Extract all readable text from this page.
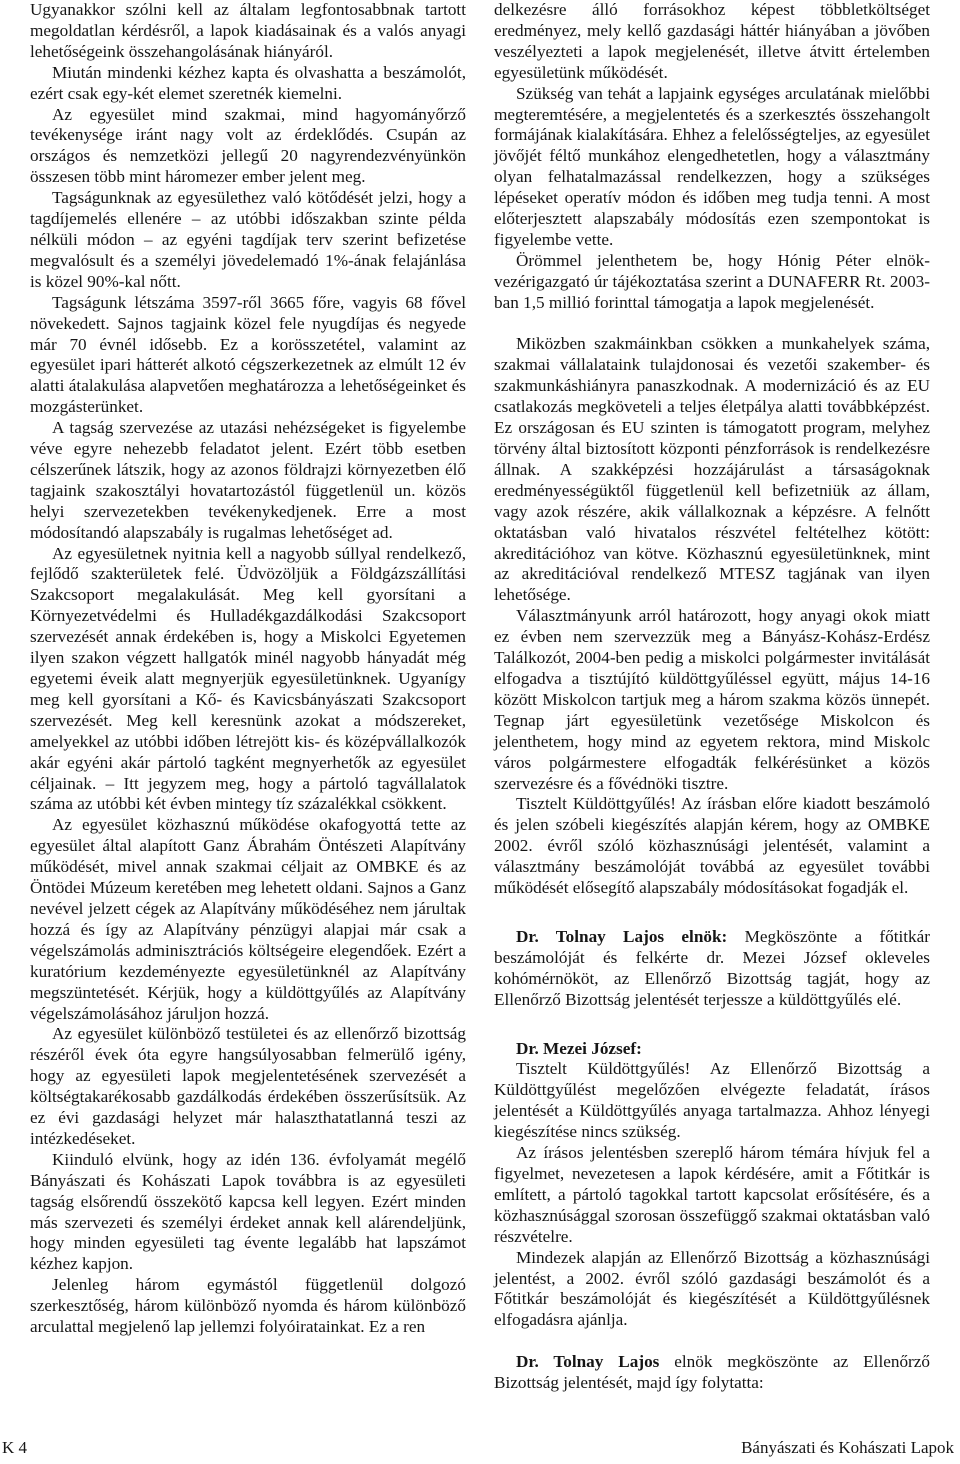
Ugyanakkor szólni kell az általam legfontosabbnak tartott megoldatlan kérdésről, a lapok kiadásainak és a valós anyagi lehetőségeink összehangolásának hiányáról.

Miután mindenki kézhez kapta és olvashatta a beszámolót, ezért csak egy-két elemet szeretnék kiemelni.

Az egyesület mind szakmai, mind hagyományőrző tevékenysége iránt nagy volt az érdeklődés. Csupán az országos és nemzetközi jellegű 20 nagyrendezvényünkön összesen több mint háromezer ember jelent meg.

Tagságunknak az egyesülethez való kötődését jelzi, hogy a tagdíjemelés ellenére – az utóbbi időszakban szinte példa nélküli módon – az egyéni tagdíjak terv szerint befizetése megvalósult és a személyi jövedelemadó 1%-ának felajánlása is közel 90%-kal nőtt.

Tagságunk létszáma 3597-ről 3665 főre, vagyis 68 fővel növekedett. Sajnos tagjaink közel fele nyugdíjas és negyede már 70 évnél idősebb. Ez a korösszetétel, valamint az egyesület ipari hátterét alkotó cégszerkezetnek az elmúlt 12 év alatti átalakulása alapvetően meghatározza a lehetőségeinket és mozgásterünket.

A tagság szervezése az utazási nehézségeket is figyelembe véve egyre nehezebb feladatot jelent. Ezért több esetben célszerűnek látszik, hogy az azonos földrajzi környezetben élő tagjaink szakosztályi hovatartozástól függetlenül un. közös helyi szervezetekben tevékenykedjenek. Erre a most módosítandó alapszabály is rugalmas lehetőséget ad.

Az egyesületnek nyitnia kell a nagyobb súllyal rendelkező, fejlődő szakterületek felé. Üdvözöljük a Földgázszállítási Szakcsoport megalakulását. Meg kell gyorsítani a Környezetvédelmi és Hulladékgazdálkodási Szakcsoport szervezését annak érdekében is, hogy a Miskolci Egyetemen ilyen szakon végzett hallgatók minél nagyobb hányadát még egyetemi éveik alatt megnyerjük egyesületünknek. Ugyanígy meg kell gyorsítani a Kő- és Kavicsbányászati Szakcsoport szervezését. Meg kell keresnünk azokat a módszereket, amelyekkel az utóbbi időben létrejött kis- és középvállalkozók akár egyéni akár pártoló tagként megnyerhetők az egyesület céljainak. – Itt jegyzem meg, hogy a pártoló tagvállalatok száma az utóbbi két évben mintegy tíz százalékkal csökkent.

Az egyesület közhasznú működése okafogyottá tette az egyesület által alapított Ganz Ábrahám Öntészeti Alapítvány működését, mivel annak szakmai céljait az OMBKE és az Öntödei Múzeum keretében meg lehetett oldani. Sajnos a Ganz nevével jelzett cégek az Alapítvány működéséhez nem járultak hozzá és így az Alapítvány pénzügyi alapjai már csak a végelszámolás adminisztrációs költségeire elegendőek. Ezért a kuratórium kezdeményezte egyesületünknél az Alapítvány megszüntetését. Kérjük, hogy a küldöttgyűlés az Alapítvány végelszámolásához járuljon hozzá.

Az egyesület különböző testületei és az ellenőrző bizottság részéről évek óta egyre hangsúlyosabban felmerülő igény, hogy az egyesületi lapok megjelentetésének szervezését a költségtakarékosabb gazdálkodás érdekében összerűsítsük. Az ez évi gazdasági helyzet már halaszthatatlanná teszi az intézkedéseket.

Kiinduló elvünk, hogy az idén 136. évfolyamát megélő Bányászati és Kohászati Lapok továbbra is az egyesületi tagság elsőrendű összekötő kapcsa kell legyen. Ezért minden más szervezeti és személyi érdeket annak kell alárendeljünk, hogy minden egyesületi tag évente legalább hat lapszámot kézhez kapjon.

Jelenleg három egymástól függetlenül dolgozó szerkesztőség, három különböző nyomda és három különböző arculattal megjelenő lap jellemzi folyóiratainkat. Ez a ren

delkezésre álló forrásokhoz képest többletköltséget eredményez, mely kellő gazdasági háttér hiányában a jövőben veszélyezteti a lapok megjelenését, illetve átvitt értelemben egyesületünk működését.

Szükség van tehát a lapjaink egységes arculatának mielőbbi megteremtésére, a megjelentetés és a szerkesztés összehangolt formájának kialakítására. Ehhez a felelősségteljes, az egyesület jövőjét féltő munkához elengedhetetlen, hogy a választmány olyan felhatalmazással rendelkezzen, hogy a szükséges lépéseket operatív módon és időben meg tudja tenni. A most előterjesztett alapszabály módosítás ezen szempontokat is figyelembe vette.

Örömmel jelenthetem be, hogy Hónig Péter elnök-vezérigazgató úr tájékoztatása szerint a DUNAFERR Rt. 2003-ban 1,5 millió forinttal támogatja a lapok megjelenését.

Miközben szakmáinkban csökken a munkahelyek száma, szakmai vállalataink tulajdonosai és vezetői szakember- és szakmunkáshiányra panaszkodnak. A modernizáció és az EU csatlakozás megköveteli a teljes életpálya alatti továbbképzést. Ez országosan és EU szinten is támogatott program, melyhez törvény által biztosított központi pénzforrások is rendelkezésre állnak. A szakképzési hozzájárulást a társaságoknak eredményességüktől függetlenül kell befizetniük az állam, vagy azok részére, akik vállalkoznak a képzésre. A felnőtt oktatásban való hivatalos részvétel feltételhez kötött: akreditációhoz van kötve. Közhasznú egyesületünknek, mint az akreditációval rendelkező MTESZ tagjának van ilyen lehetősége.

Választmányunk arról határozott, hogy anyagi okok miatt ez évben nem szervezzük meg a Bányász-Kohász-Erdész Találkozót, 2004-ben pedig a miskolci polgármester invitálását elfogadva a tisztújító küldöttgyűléssel együtt, május 14-16 között Miskolcon tartjuk meg a három szakma közös ünnepét. Tegnap járt egyesületünk vezetősége Miskolcon és jelenthetem, hogy mind az egyetem rektora, mind Miskolc város polgármestere elfogadták felkérésünket a közös szervezésre és a fővédnöki tisztre.

Tisztelt Küldöttgyűlés! Az írásban előre kiadott beszámoló és jelen szóbeli kiegészítés alapján kérem, hogy az OMBKE 2002. évről szóló közhasznúsági jelentését, valamint a választmány beszámolóját továbbá az egyesület további működését elősegítő alapszabály módosításokat fogadják el.

Dr. Tolnay Lajos elnök: Megköszönte a főtitkár beszámolóját és felkérte dr. Mezei József okleveles kohómérnököt, az Ellenőrző Bizottság tagját, hogy az Ellenőrző Bizottság jelentését terjessze a küldöttgyűlés elé.

Dr. Mezei József:

Tisztelt Küldöttgyűlés! Az Ellenőrző Bizottság a Küldöttgyűlést megelőzően elvégezte feladatát, írásos jelentését a Küldöttgyűlés anyaga tartalmazza. Ahhoz lényegi kiegészítése nincs szükség.

Az írásos jelentésben szereplő három témára hívjuk fel a figyelmet, nevezetesen a lapok kérdésére, amit a Főtitkár is említett, a pártoló tagokkal tartott kapcsolat erősítésére, és a közhasznúsággal szorosan összefüggő szakmai oktatásban való részvételre.

Mindezek alapján az Ellenőrző Bizottság a közhasznúsági jelentést, a 2002. évről szóló gazdasági beszámolót és a Főtitkár beszámolóját és kiegészítését a Küldöttgyűlésnek elfogadásra ajánlja.

Dr. Tolnay Lajos elnök megköszönte az Ellenőrző Bizottság jelentését, majd így folytatta:

K 4	Bányászati és Kohászati Lapok
